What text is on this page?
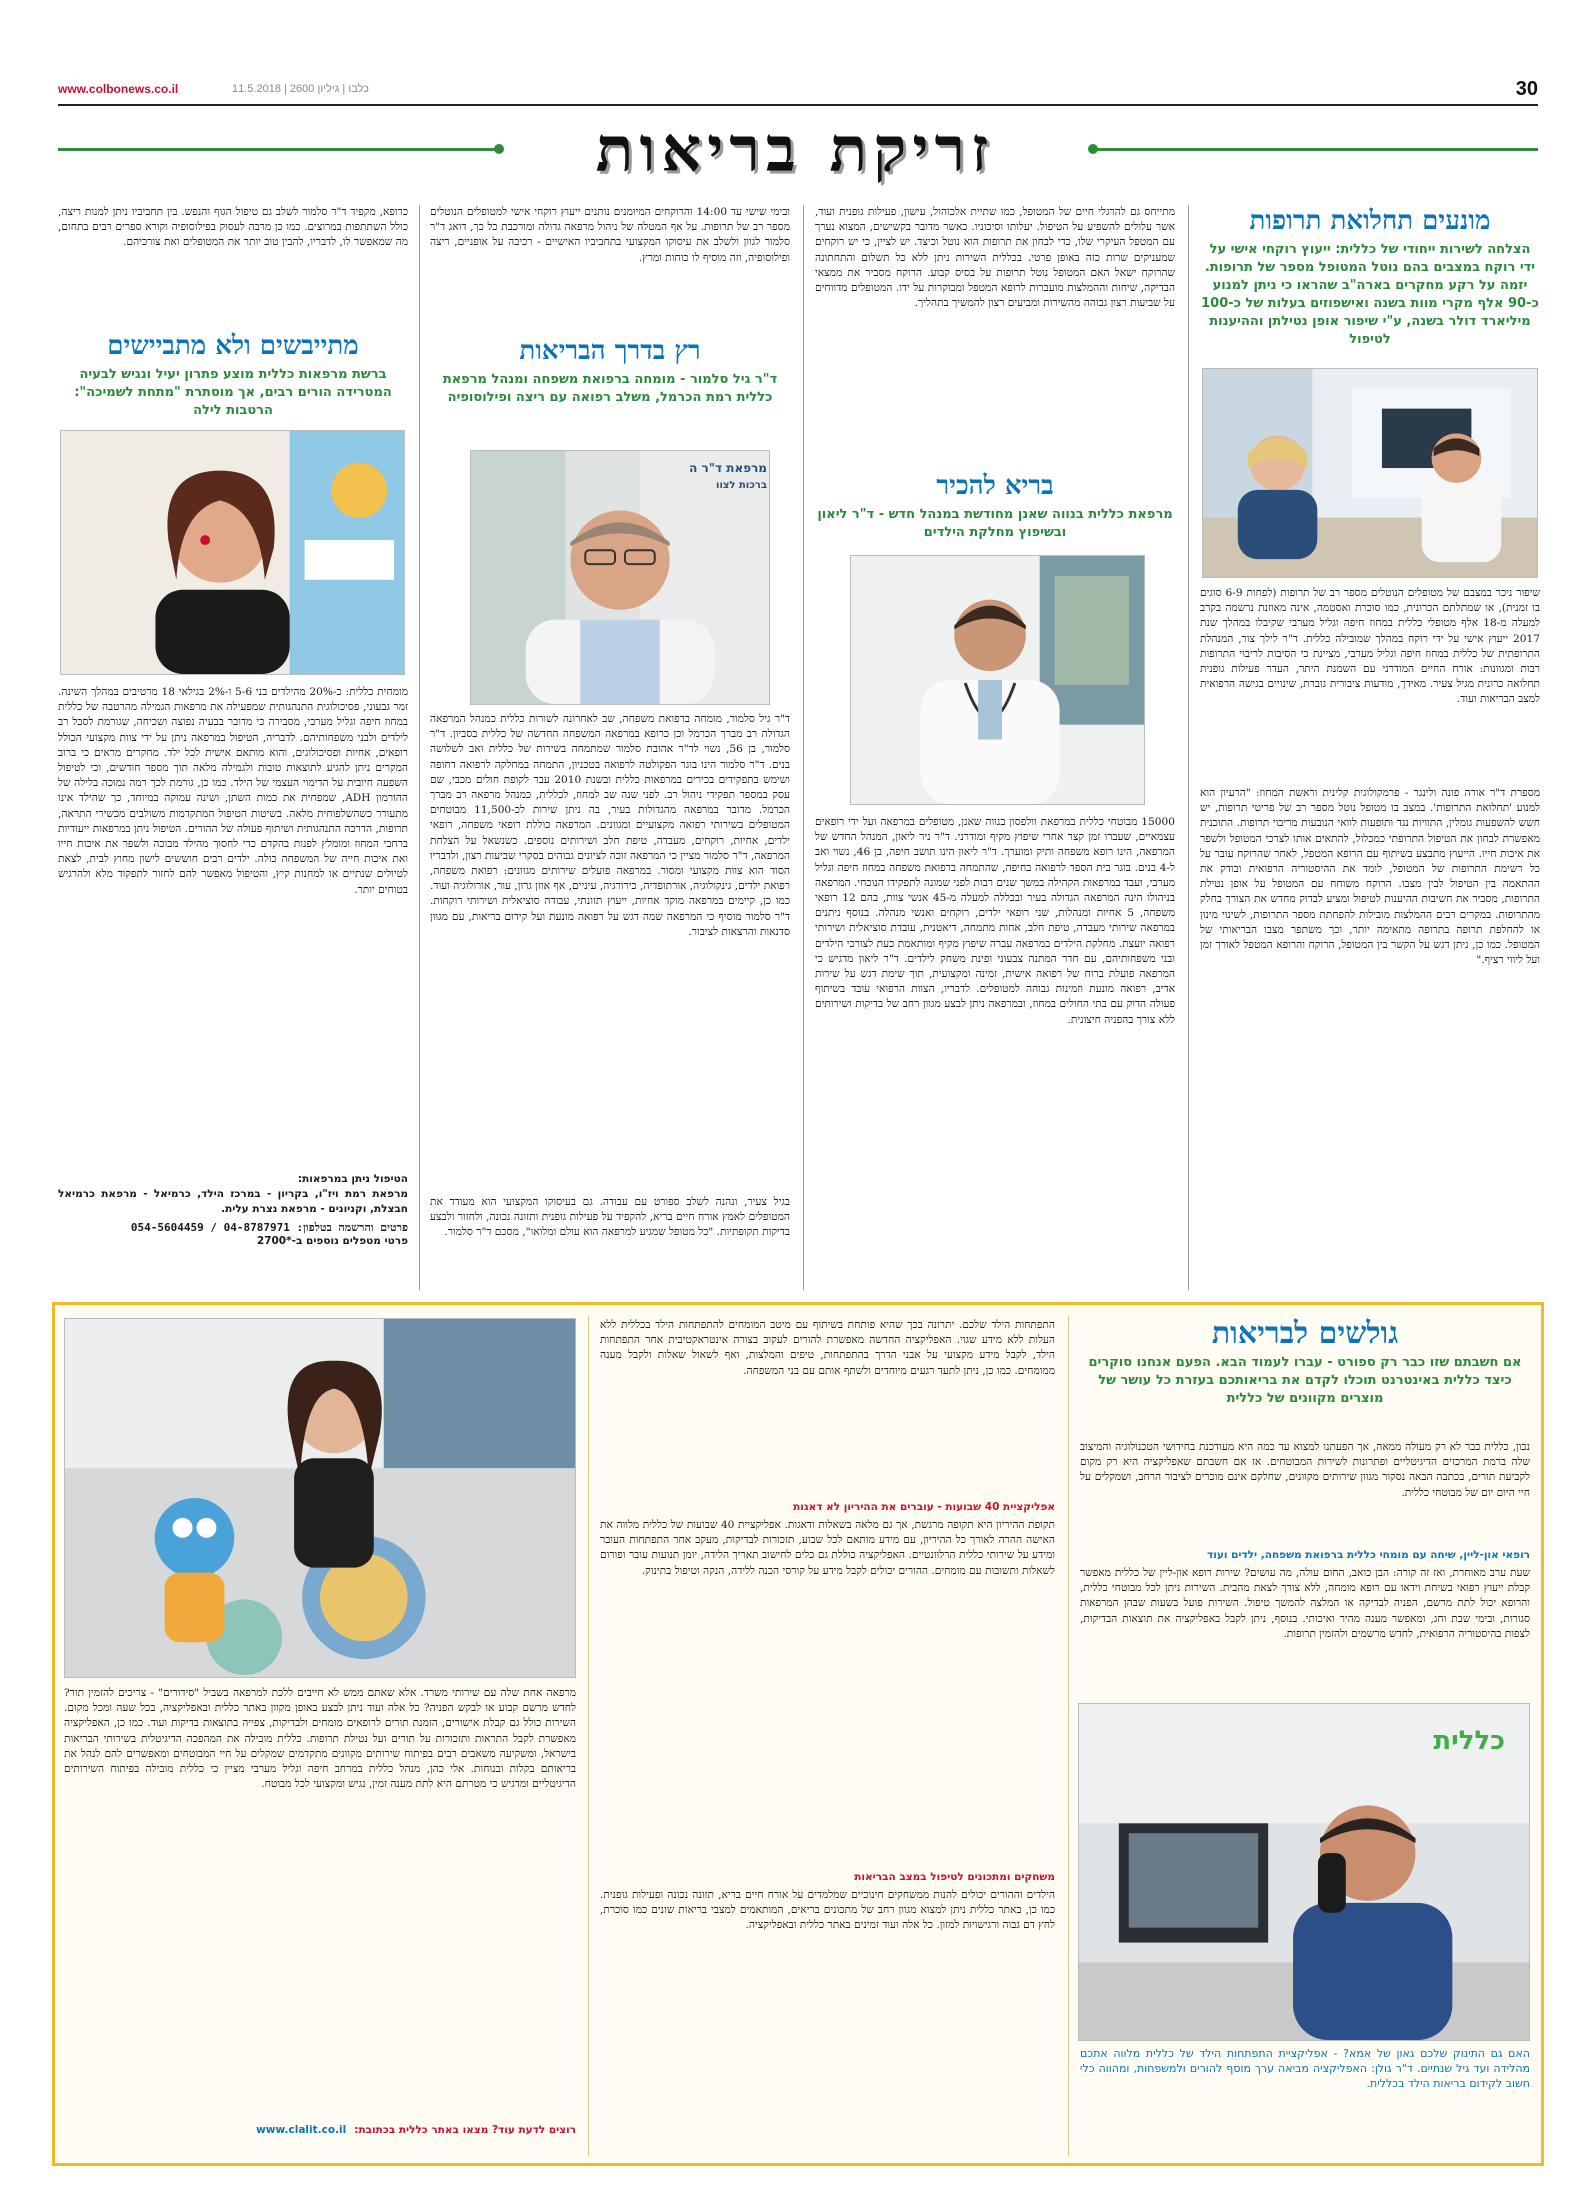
www.colbonews.co.il	כלבו | גיליון 2600 | 11.5.2018	30
זריקת בריאות
מונעים תחלואת תרופות
הצלחה לשירות ייחודי של כללית: ייעוץ רוקחי אישי על ידי רוקח במצבים בהם נוטל המטופל מספר של תרופות. יזמה על רקע מחקרים בארה"ב שהראו כי ניתן למנוע כ-90 אלף מקרי מוות בשנה ואישפוזים בעלות של כ-100 מיליארד דולר בשנה, ע"י שיפור אופן נטילתן וההיענות לטיפול
שיפור ניכר במצבם של מטופלים הנוטלים מספר רב של תרופות (לפחות 6-9 סוגים בו זמנית), או שמתלתם הכרונית, כמו סוכרת ואסטמה, אינה מאוזנת נרשמה בקרב למעלה מ-18 אלף מטופלי כללית במחוז חיפה וגליל מערבי שקיבלו במהלך שנת 2017 ייעוץ אישי על ידי רוקח במהלך שמובילה כללית. ד"ר לילך צור, המנהלת התרופתית של כללית במחוז חיפה וגליל מערבי, מציינת כי הסיבות לריבוי התרופות רבות ומגוונות: אורח החיים המודרני עם השמנת היתר, העדר פעילות גופנית תחלואה כרונית מגיל צעיר. מאידך, מודעות ציבורית גוברת, שינויים בגישה הרפואית למצב הבריאות ועוד.
מספרת ד"ר אורה פונה ולינגר - פרמקולוגית קלינית וראשת המחוז: "הרעיון הוא למנוע 'תחלואת התרופות'. במצב בו מטופל נוטל מספר רב של פריטי תרופות, יש חשש להשפעות גומלין, התוויות נגד ותופעות לוואי הנובעות מריבוי תרופות. התוכנית מאפשרת לבחון את הטיפול התרופתי כמכלול, להתאים אותו לצרכי המטופל ולשפר את איכות חייו. הייעוץ מתבצע בשיתוף עם הרופא המטפל, לאחר שהרוקח עובר על כל רשימת התרופות של המטופל, לומד את ההיסטוריה הרפואית ובודק את ההתאמה בין הטיפול לבין מצבו. הרוקח משוחח עם המטופל על אופן נטילת התרופות, מסביר את חשיבות ההיענות לטיפול ומציע לבדוק מחדש את הצורך בחלק מהתרופות. במקרים רבים ההמלצות מובילות להפחתת מספר התרופות, לשינוי מינון או להחלפת תרופה בתרופה מתאימה יותר, וכך משתפר מצבו הבריאותי של המטופל. כמו כן, ניתן דגש על הקשר בין המטופל, הרוקח והרופא המטפל לאורך זמן ועל ליווי רציף."
מתייחס גם להרגלי חיים של המטופל, כמו שתיית אלכוהול, עישון, פעילות גופנית ועוד, אשר עלולים להשפיע על הטיפול. יעלותו וסיכוניו. כאשר מדובר בקשישים, המצוא נערך עם המטפל העיקרי שלו, כדי לבחון את תרופות הוא נוטל וכיצד. יש לציין, כי יש רוקחים שמעניקים שרות כזה באופן פרטי. בכללית השירות ניתן ללא כל תשלום והתחתונה שהרוקח ישאל האם המטופל נוטל תרופות על בסיס קבוע. הרוקח מסביר את ממצאי הבדיקה, שיחות וההמלצות מועברות לרופא המטפל ומבוקרות על ידו. המטופלים מדווחים על שביעות רצון גבוהה מהשירות ומביעים רצון להמשיך בתהליך.
בריא להכיר
מרפאת כללית בנווה שאנן מחודשת במנהל חדש - ד"ר ליאון ובשיפוץ מחלקת הילדים
15000 מבוטחי כללית במרפאת וולפסון בנווה שאנן, מטופלים במרפאה ועל ידי רופאים עצמאיים, שעברו זמן קצר אחרי שיפוץ מקיף ומודרני. ד"ר ניר ליאון, המנהל החדש של המרפאה, הינו רופא משפחה ותיק ומוערך. ד"ר ליאון הינו תושב חיפה, בן 46, נשוי ואב ל-4 בנים. בוגר בית הספר לרפואה בחיפה, שהתמחה ברפואת משפחה במחוז חיפה וגליל מערבי, ועבד במרפאות הקהילה במשך שנים רבות לפני שמונה לתפקידו הנוכחי. המרפאה בניהולו הינה המרפאה הגדולה בעיר ובכללה למעלה מ-45 אנשי צוות, בהם 12 רופאי משפחה, 5 אחיות ומנהלות, שני רופאי ילדים, רוקחים ואנשי מנהלה. בנוסף ניתנים במרפאה שירותי מעבדה, טיפת חלב, אחות מתמחה, דיאטנית, עובדת סוציאלית ושירותי רפואה יועצת. מחלקת הילדים במרפאה עברה שיפוץ מקיף ומותאמת כעת לצורכי הילדים ובני משפחותיהם, עם חדר המתנה צבעוני ופינת משחק לילדים. ד"ר ליאון מדגיש כי המרפאה פועלת ברוח של רפואה אישית, זמינה ומקצועית, תוך שימת דגש על שירות אדיב, רפואה מונעת וזמינות גבוהה למטופלים. לדבריו, הצוות הרפואי עובד בשיתוף פעולה הדוק עם בתי החולים במחוז, ובמרפאה ניתן לבצע מגוון רחב של בדיקות ושירותים ללא צורך בהפניה חיצונית.
ובימי שישי עד 14:00 והרוקחים המיומנים נותנים ייעוץ רוקחי אישי למטופלים הנוטלים מספר רב של תרופות. על אף המטלה של ניהול מרפאה גדולה ומורכבת כל כך, דואג ד"ר סלמור לגוון ולשלב את עיסוקו המקצועי בתחביביו האישיים - רכיבה על אופניים, ריצה ופילוסופיה, וזה מוסיף לו כוחות ומרץ.
רץ בדרך הבריאות
ד"ר גיל סלמור - מומחה ברפואת משפחה ומנהל מרפאת כללית רמת הכרמל, משלב רפואה עם ריצה ופילוסופיה
מרפאת ד"ר ה
ברכות לצוו
ד"ר גיל סלמור, מומחה ברפואת משפחה, שב לאחרונה לשורות כללית כמנהל המרפאה הגדולה רב מברך הכרמל וכן כרופא במרפאה המשפחה החדשה של כללית בסביון. ד"ר סלמור, בן 56, נשוי לד"ר אהובת סלמור שמתמחה בשירות של כללית ואב לשלושה בנים. ד"ר סלמור הינו בוגר הפקולטה לרפואה בטכניון, התמחה במחלקה לרפואה דחופה ושימש בתפקידים בכירים במרפאות כללית ובשנת 2010 עבר לקופת חולים מכבי, שם עסק במספר תפקידי ניהול רב. לפני שנה שב למחוז, לכללית, כמנהל מרפאה רב מברך הכרמל. מדובר במרפאה מהגדולות בעיר, בה ניתן שירות לכ-11,500 מבוטחים המטופלים בשירותי רפואה מקצועיים ומגוונים. המרפאה כוללת רופאי משפחה, רופאי ילדים, אחיות, רוקחים, מעבדה, טיפת חלב ושירותים נוספים. כשנשאל על הצלחת המרפאה, ד"ר סלמור מציין כי המרפאה זוכה לציונים גבוהים בסקרי שביעות רצון, ולדבריו הסוד הוא צוות מקצועי ומסור. במרפאה פועלים שירותים מגוונים: רפואת משפחה, רפואת ילדים, גינקולוגיה, אורתופדיה, כירורגיה, עיניים, אף אוזן גרון, עור, אורולוגיה ועוד. כמו כן, קיימים במרפאה מוקד אחיות, ייעוץ תזונתי, עבודה סוציאלית ושירותי רוקחות. ד"ר סלמור מוסיף כי המרפאה שמה דגש על רפואה מונעת ועל קידום בריאות, עם מגוון סדנאות והרצאות לציבור.
בגיל צעיר, ונהנה לשלב ספורט עם עבודה. גם בעיסוקו המקצועי הוא מעודד את המטופלים לאמץ אורח חיים בריא, להקפיד על פעילות גופנית ותזונה נכונה, ולחזור ולבצע בדיקות תקופתיות. "כל מטופל שמגיע למרפאה הוא עולם ומלואו", מסכם ד"ר סלמור.
כרופא, מקפיד ד"ר סלמור לשלב גם טיפול הגוף והנפש. בין תחביביו ניתן למנות ריצה, כולל השתתפות במרוצים. כמו כן מרבה לעסוק בפילוסופיה וקורא ספרים רבים בתחום, מה שמאפשר לו, לדבריו, להבין טוב יותר את המטופלים ואת צורכיהם.
מתייבשים ולא מתביישים
ברשת מרפאות כללית מוצע פתרון יעיל ונגיש לבעיה המטרידה הורים רבים, אך מוסתרת "מתחת לשמיכה": הרטבות לילה
מומחית כללית: כ-20% מהילדים בני 5-6 ו-2% בגילאי 18 מרטיבים במהלך השינה. זמר גבעוני, פסיכולוגית התנהגותית שמפעילה את מרפאות הגמילה מהרטבה של כללית במחוז חיפה וגליל מערבי, מסבירה כי מדובר בבעיה נפוצה ושכיחה, שגורמת לסבל רב לילדים ולבני משפחותיהם. לדבריה, הטיפול במרפאה ניתן על ידי צוות מקצועי הכולל רופאים, אחיות ופסיכולוגים, והוא מותאם אישית לכל ילד. מחקרים מראים כי ברוב המקרים ניתן להגיע לתוצאות טובות ולגמילה מלאה תוך מספר חודשים, וכי לטיפול השפעה חיובית על הדימוי העצמי של הילד. כמו כן, גורמת לכך רמה נמוכה בלילה של ההורמון ADH, שמפחית את כמות השתן, ושינה עמוקה במיוחד, כך שהילד אינו מתעורר כשהשלפוחית מלאה. בשיטות הטיפול המתקדמות משולבים מכשירי התראה, תרופות, הדרכה התנהגותית ושיתוף פעולה של ההורים. הטיפול ניתן במרפאות ייעודיות ברחבי המחוז ומומלץ לפנות בהקדם כדי לחסוך מהילד מבוכה ולשפר את איכות חייו ואת איכות חייה של המשפחה כולה. ילדים רבים חוששים לישון מחוץ לבית, לצאת לטיולים שנתיים או למחנות קיץ, והטיפול מאפשר להם לחזור לתפקוד מלא ולהרגיש בטוחים יותר.
הטיפול ניתן במרפאות:
מרפאת רמת ויז"ו, בקריון - במרכז הילד, כרמיאל - מרפאת כרמיאל חבצלת, וקניונים - מרפאת נצרת עלית.
פרטים והרשמה בטלפון: 04-8787971 / 054-5604459
פרטי מטפלים נוספים ב-*2700
גולשים לבריאות
אם חשבתם שזו כבר רק ספורט - עברו לעמוד הבא. הפעם אנחנו סוקרים כיצד כללית באינטרנט תוכלו לקדם את בריאותכם בעזרת כל עושר של מוצרים מקוונים של כללית
נכון, כללית כבר לא רק מעולה ממאה, אך הפעתנו למצוא עד כמה היא מעודכנת בחידושי הטכנולוגיה והמיצוב שלה ברמת המרכזים הדיגיטליים ופתרונות לשירות המבוטחים. אז אם חשבתם שאפליקציה היא רק מקום לקביעת תורים, בכתבה הבאה נסקור מגוון שירותים מקוונים, שחלקם אינם מוכרים לציבור הרחב, ושמקלים על חיי היום יום של מבוטחי כללית.
רופאי און-ליין, שיחה עם מומחי כללית ברפואת משפחה, ילדים ועוד
שעת ערב מאוחרת, ואז זה קורה: הבן כואב, החום עולה, מה עושים? שירות רופא און-ליין של כללית מאפשר קבלת ייעוץ רפואי בשיחת וידאו עם רופא מומחה, ללא צורך לצאת מהבית. השירות ניתן לכל מבוטחי כללית, והרופא יכול לתת מרשם, הפניה לבדיקה או המלצה להמשך טיפול. השירות פועל בשעות שבהן המרפאות סגורות, ובימי שבת וחג, ומאפשר מענה מהיר ואיכותי. בנוסף, ניתן לקבל באפליקציה את תוצאות הבדיקות, לצפות בהיסטוריה הרפואית, לחדש מרשמים ולהזמין תרופות.
כללית
האם גם התינוק שלכם גאון של אמא? - אפליקציית התפתחות הילד של כללית מלווה אתכם מהלידה ועד גיל שנתיים. ד"ר גולן: האפליקציה מביאה ערך מוסף להורים ולמשפחות, ומהווה כלי חשוב לקידום בריאות הילד בכללית.
התפתחות הילד שלכם. יתרונה בכך שהיא פותחת בשיתוף עם מיטב המומחים להתפתחות הילד בכללית ללא העלות ללא מידע שגוי. האפליקציה החדשה מאפשרת להורים לעקוב בצורה אינטראקטיבית אחר התפתחות הילד, לקבל מידע מקצועי על אבני הדרך בהתפתחות, טיפים והמלצות, ואף לשאול שאלות ולקבל מענה ממומחים. כמו כן, ניתן לתעד רגעים מיוחדים ולשתף אותם עם בני המשפחה.
אפליקציית 40 שבועות - עוברים את ההיריון לא דאגות
תקופת ההיריון היא תקופה מרגשת, אך גם מלאה בשאלות ודאגות. אפליקציית 40 שבועות של כללית מלווה את האישה ההרה לאורך כל ההיריון, עם מידע מותאם לכל שבוע, תזכורות לבדיקות, מעקב אחר התפתחות העובר ומידע על שירותי כללית הרלוונטיים. האפליקציה כוללת גם כלים לחישוב תאריך הלידה, יומן תנועות עובר ופורום לשאלות ותשובות עם מומחים. ההורים יכולים לקבל מידע על קורסי הכנה ללידה, הנקה וטיפול בתינוק.
משחקים ומתכונים לטיפול במצב הבריאות
הילדים וההורים יכולים להנות ממשחקים חינוכיים שמלמדים על אורח חיים בריא, תזונה נכונה ופעילות גופנית. כמו כן, באתר כללית ניתן למצוא מגוון רחב של מתכונים בריאים, המותאמים למצבי בריאות שונים כמו סוכרת, לחץ דם גבוה ורגישויות למזון. כל אלה ועוד זמינים באתר כללית ובאפליקציה.
מרפאה אחת שלה עם שירותי משרד. אלא שאתם ממש לא חייבים ללכת למרפאה בשביל "סידורים" - צריכים להזמין תור? לחדש מרשם קבוע או לבקש הפניה? כל אלה ועוד ניתן לבצע באופן מקוון באתר כללית ובאפליקציה, בכל שעה ומכל מקום. השירות כולל גם קבלת אישורים, הזמנת תורים לרופאים מומחים ולבדיקות, צפייה בתוצאות בדיקות ועוד. כמו כן, האפליקציה מאפשרת לקבל התראות ותזכורות על תורים ועל נטילת תרופות. כללית מובילה את המהפכה הדיגיטלית בשירותי הבריאות בישראל, ומשקיעה משאבים רבים בפיתוח שירותים מקוונים מתקדמים שמקלים על חיי המבוטחים ומאפשרים להם לנהל את בריאותם בקלות ובנוחות. אלי כהן, מנהל כללית במרחב חיפה וגליל מערבי מציין כי כללית מובילה בפיתוח השירותים הדיגיטליים ומדגיש כי מטרתם היא לתת מענה זמין, נגיש ומקצועי לכל מבוטח.
רוצים לדעת עוד? מצאו באתר כללית בכתובת:
www.clalit.co.il
